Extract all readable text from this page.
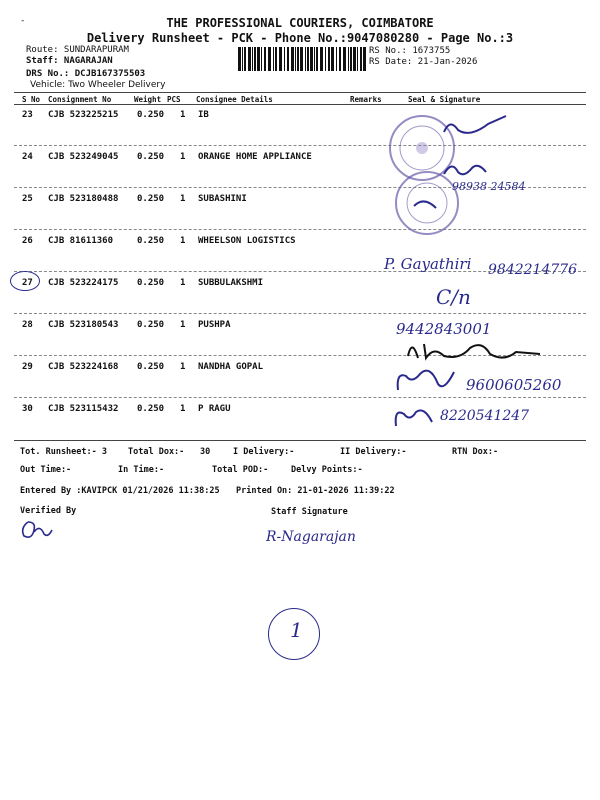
-	THE PROFESSIONAL COURIERS, COIMBATORE
Delivery Runsheet - PCK - Phone No.:9047080280 - Page No.:3
Route: SUNDARAPURAM
Staff: NAGARAJAN
DRS No.: DCJB167375503
Vehicle: Two Wheeler Delivery
RS No.: 1673755
RS Date: 21-Jan-2026
S No Consignment No	Weight PCS Consignee Details	Remarks	Seal & Signature
23 CJB 523225215 0.250 1 IB
24 CJB 523249045 0.250 1 ORANGE HOME APPLIANCE
25 CJB 523180488 0.250 1 SUBASHINI
26 CJB 81611360	0.250 1 WHEELSON LOGISTICS
27 CJB 523224175 0.250 1 SUBBULAKSHMI
28 CJB 523180543 0.250 1 PUSHPA
29 CJB 523224168 0.250 1 NANDHA GOPAL
30 CJB 523115432 0.250 1 P RAGU
98938 24584
P. Gayathiri 9842214776
C/n
9442843001
9600605260
8220541247
Tot. Runsheet:- 3 Total Dox:- 30	I Delivery:-	II Delivery:-	RTN Dox:-
Out Time:-	In Time:-	Total POD:-	Delvy Points:-
Entered By :KAVIPCK 01/21/2026 11:38:25 Printed On: 21-01-2026 11:39:22
Verified By	Staff Signature
R-Nagarajan
1
